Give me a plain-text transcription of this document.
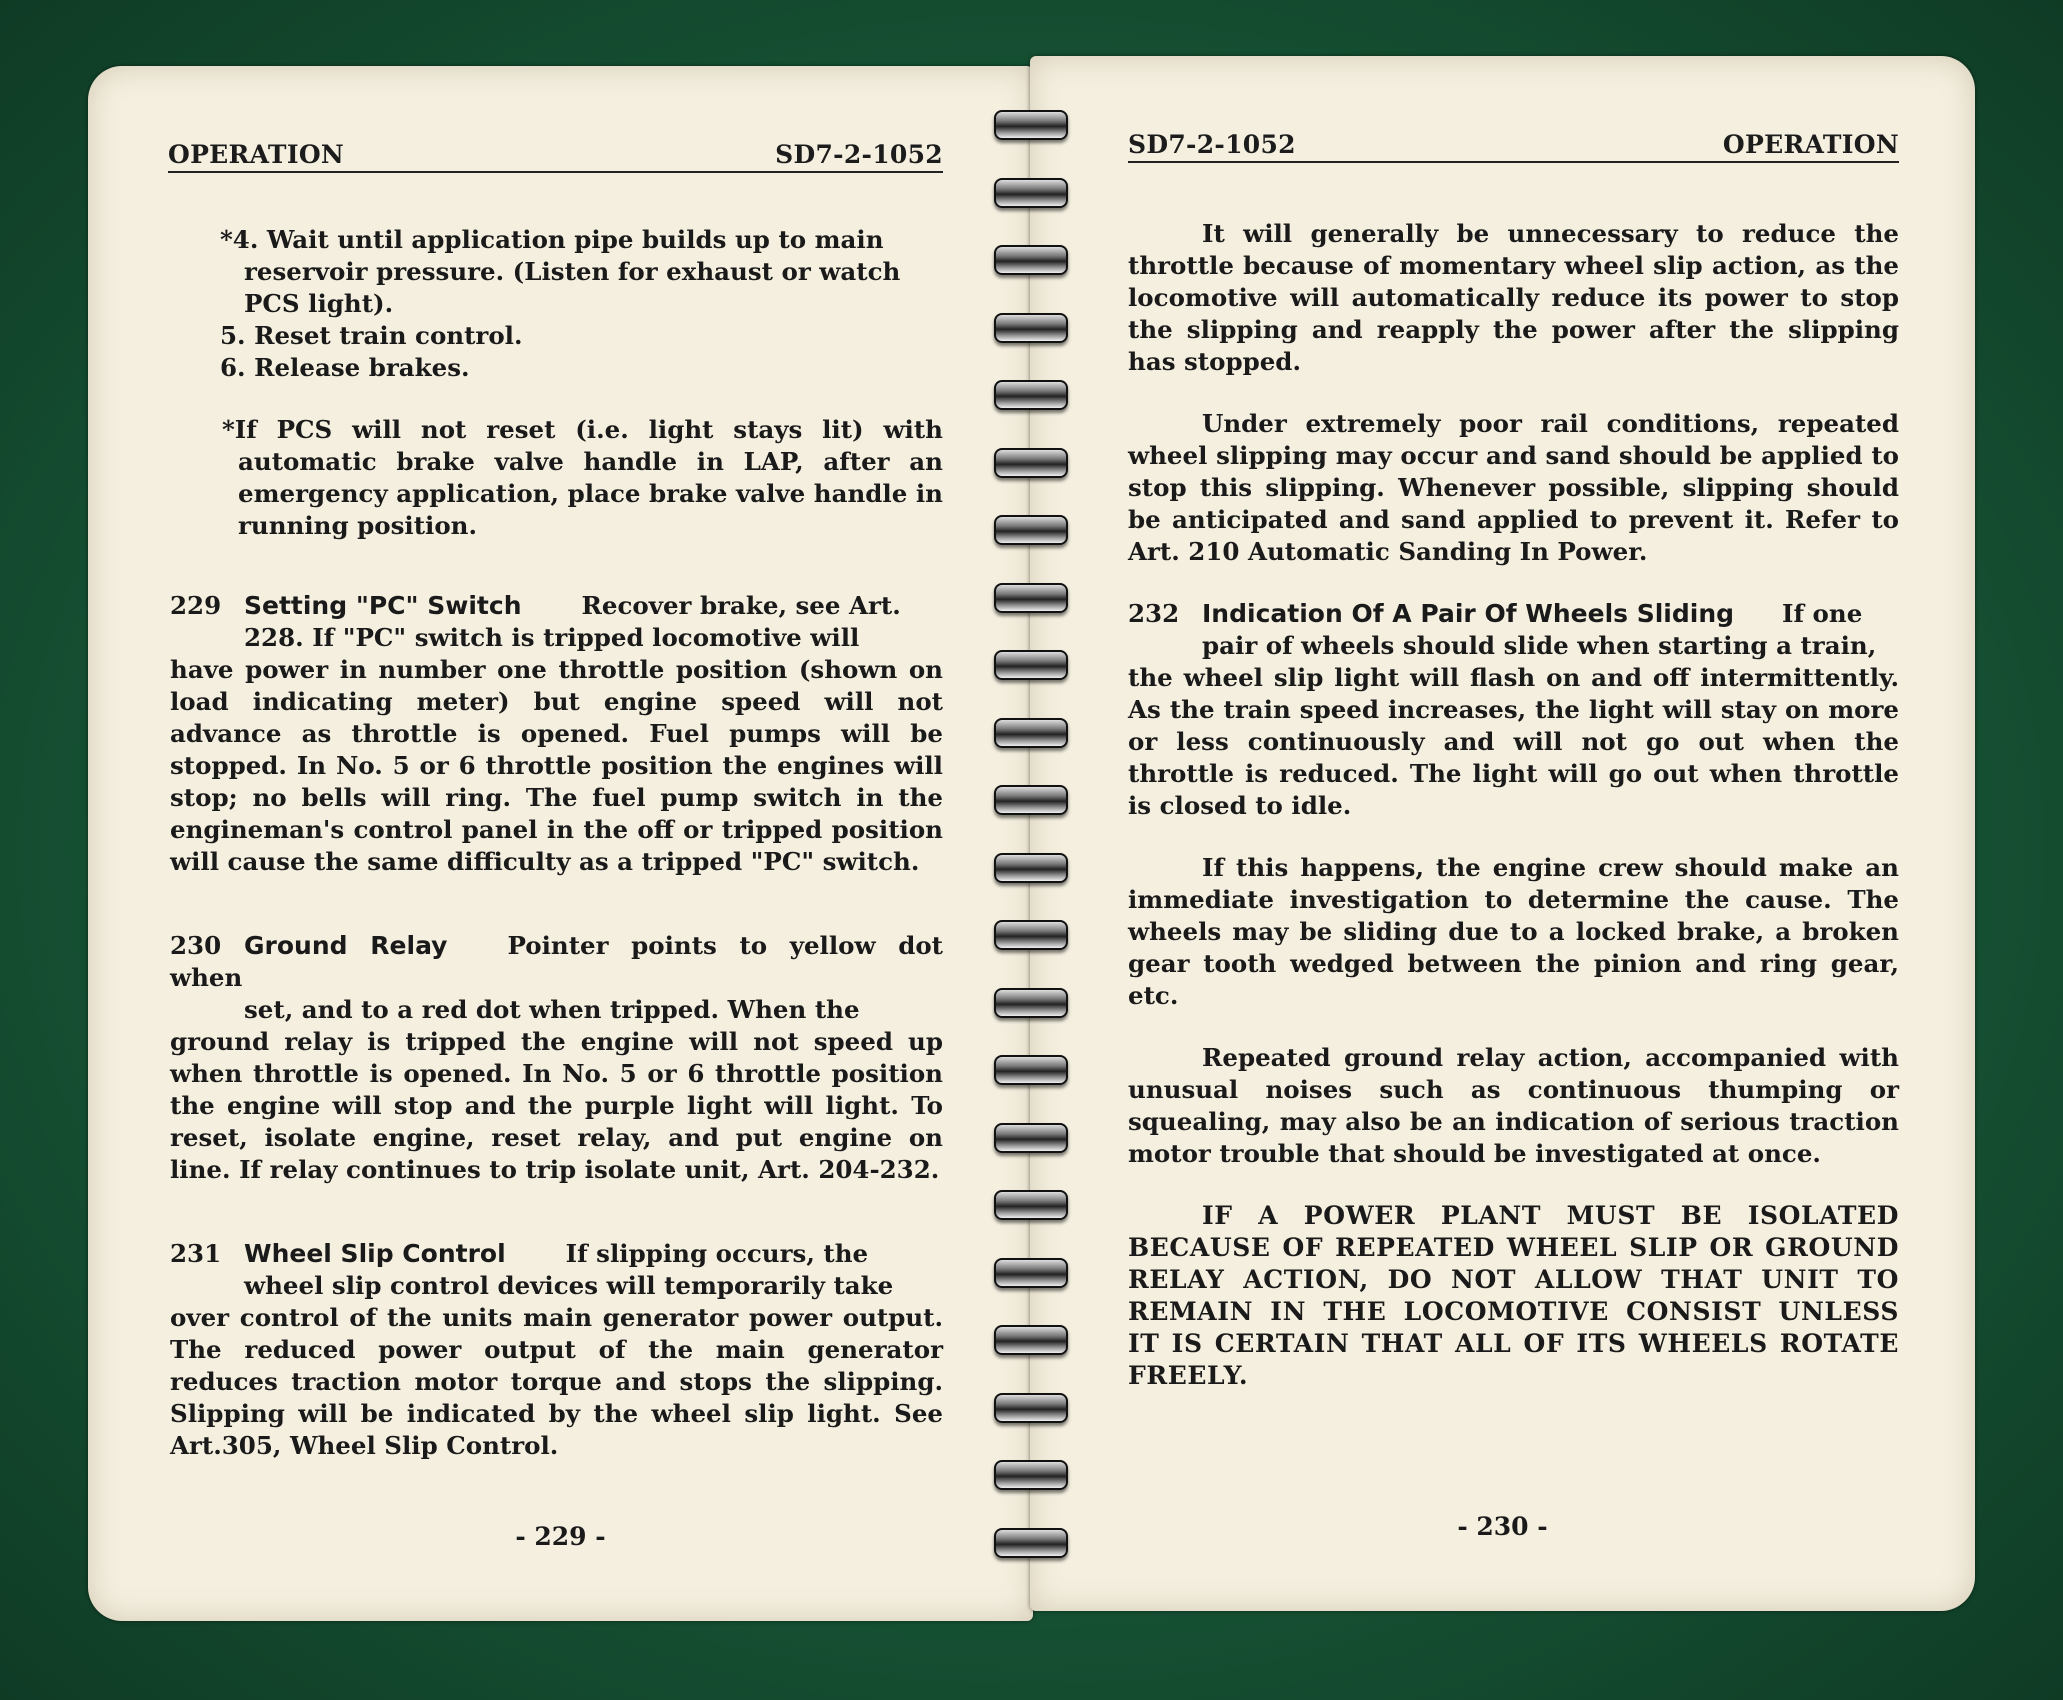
OPERATION	SD7-2-1052
*4. Wait until application pipe builds up to main reservoir pressure. (Listen for exhaust or watch PCS light).
5. Reset train control.
6. Release brakes.

*If PCS will not reset (i.e. light stays lit) with automatic brake valve handle in LAP, after an emergency application, place brake valve handle in running position.

229 Setting "PC" Switch Recover brake, see Art.

228. If "PC" switch is tripped locomotive will

have power in number one throttle position (shown on load indicating meter) but engine speed will not advance as throttle is opened. Fuel pumps will be stopped. In No. 5 or 6 throttle position the engines will stop; no bells will ring. The fuel pump switch in the engineman's control panel in the off or tripped position will cause the same difficulty as a tripped "PC" switch.

230 Ground Relay Pointer points to yellow dot when

set, and to a red dot when tripped. When the

ground relay is tripped the engine will not speed up when throttle is opened. In No. 5 or 6 throttle position the engine will stop and the purple light will light. To reset, isolate engine, reset relay, and put engine on line. If relay continues to trip isolate unit, Art. 204-232.

231 Wheel Slip Control If slipping occurs, the

wheel slip control devices will temporarily take

over control of the units main generator power output. The reduced power output of the main generator reduces traction motor torque and stops the slipping. Slipping will be indicated by the wheel slip light. See Art.305, Wheel Slip Control.

- 229 -
SD7-2-1052	OPERATION

It will generally be unnecessary to reduce the throttle because of momentary wheel slip action, as the locomotive will automatically reduce its power to stop the slipping and reapply the power after the slipping has stopped.

Under extremely poor rail conditions, repeated wheel slipping may occur and sand should be applied to stop this slipping. Whenever possible, slipping should be anticipated and sand applied to prevent it. Refer to Art. 210 Automatic Sanding In Power.

232 Indication Of A Pair Of Wheels Sliding If one

pair of wheels should slide when starting a train,

the wheel slip light will flash on and off intermittently. As the train speed increases, the light will stay on more or less continuously and will not go out when the throttle is reduced. The light will go out when throttle is closed to idle.

If this happens, the engine crew should make an immediate investigation to determine the cause. The wheels may be sliding due to a locked brake, a broken gear tooth wedged between the pinion and ring gear, etc.

Repeated ground relay action, accompanied with unusual noises such as continuous thumping or squealing, may also be an indication of serious traction motor trouble that should be investigated at once.

IF A POWER PLANT MUST BE ISOLATED BECAUSE OF REPEATED WHEEL SLIP OR GROUND RELAY ACTION, DO NOT ALLOW THAT UNIT TO REMAIN IN THE LOCOMOTIVE CONSIST UNLESS IT IS CERTAIN THAT ALL OF ITS WHEELS ROTATE FREELY.

- 230 -
